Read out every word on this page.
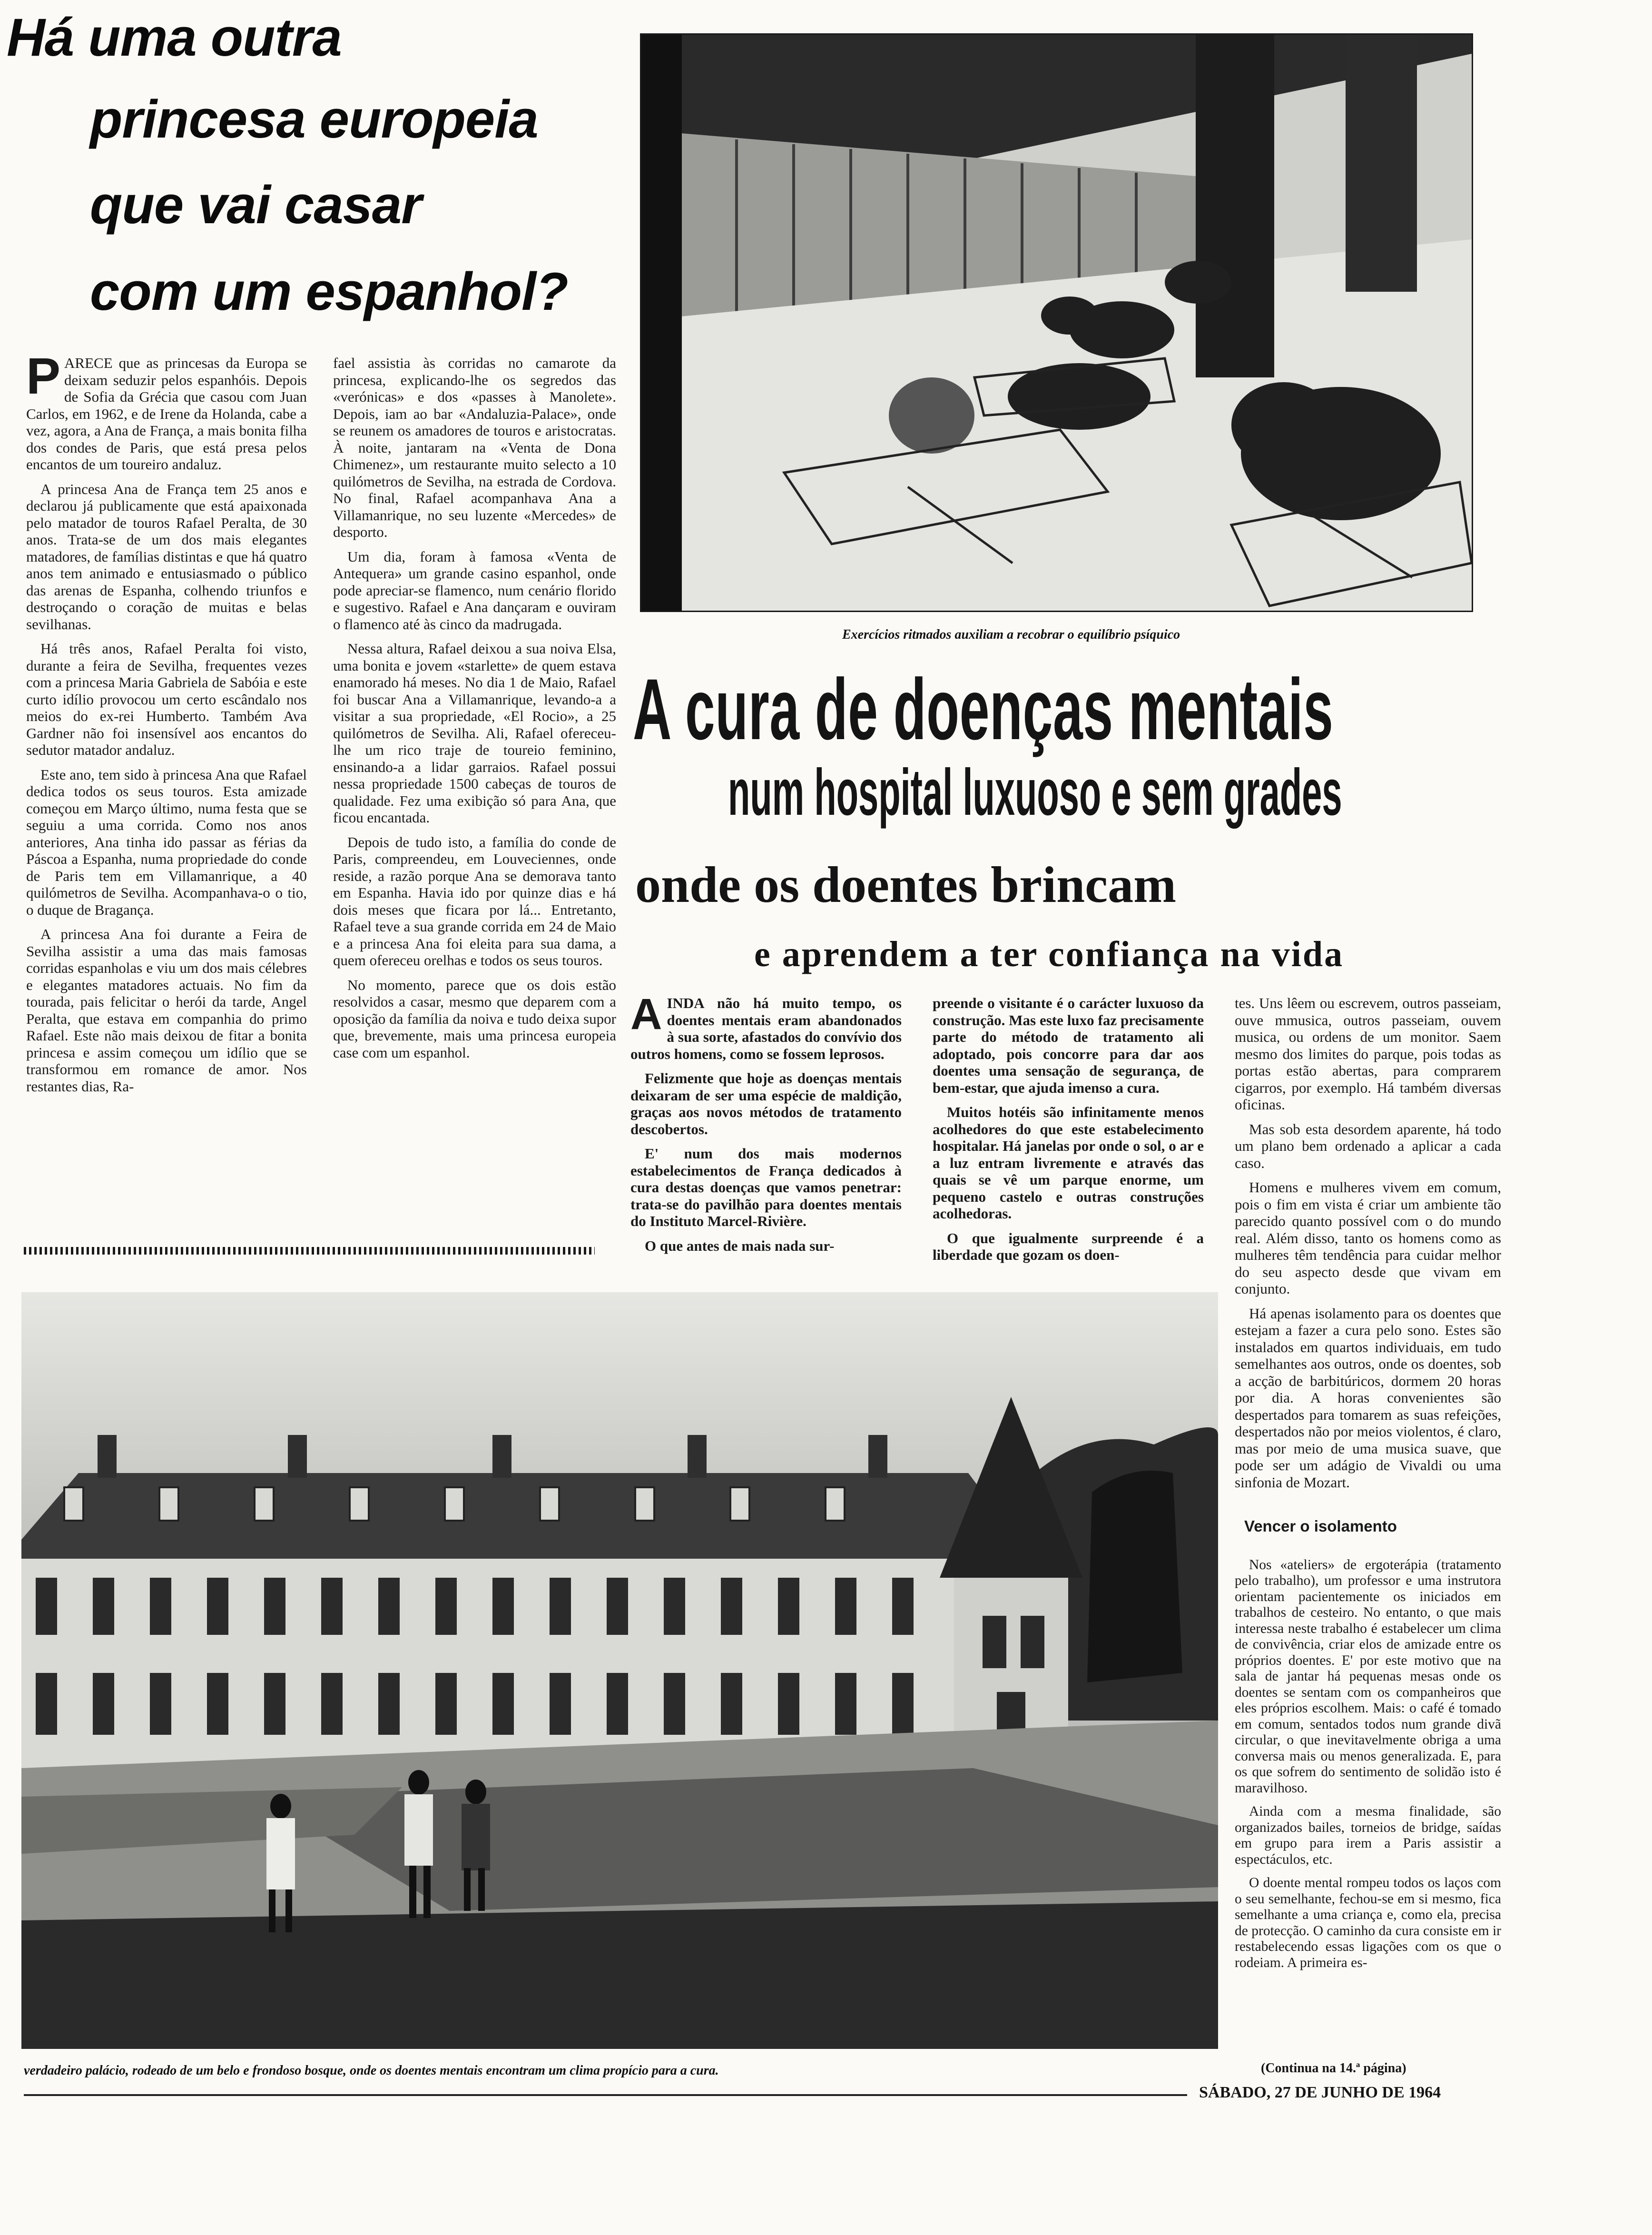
Há uma outra
princesa europeia
que vai casar
com um espanhol?

PARECE que as princesas da Europa se deixam seduzir pelos espanhóis. Depois de Sofia da Grécia que casou com Juan Carlos, em 1962, e de Irene da Holanda, cabe a vez, agora, a Ana de França, a mais bonita filha dos condes de Paris, que está presa pelos encantos de um toureiro andaluz.

A princesa Ana de França tem 25 anos e declarou já publicamente que está apaixonada pelo matador de touros Rafael Peralta, de 30 anos. Trata-se de um dos mais elegantes matadores, de famílias distintas e que há quatro anos tem animado e entusiasmado o público das arenas de Espanha, colhendo triunfos e destroçando o coração de muitas e belas sevilhanas.

Há três anos, Rafael Peralta foi visto, durante a feira de Sevilha, frequentes vezes com a princesa Maria Gabriela de Sabóia e este curto idílio provocou um certo escândalo nos meios do ex-rei Humberto. Também Ava Gardner não foi insensível aos encantos do sedutor matador andaluz.

Este ano, tem sido à princesa Ana que Rafael dedica todos os seus touros. Esta amizade começou em Março último, numa festa que se seguiu a uma corrida. Como nos anos anteriores, Ana tinha ido passar as férias da Páscoa a Espanha, numa propriedade do conde de Paris tem em Villamanrique, a 40 quilómetros de Sevilha. Acompanhava-o o tio, o duque de Bragança.

A princesa Ana foi durante a Feira de Sevilha assistir a uma das mais famosas corridas espanholas e viu um dos mais célebres e elegantes matadores actuais. No fim da tourada, pais felicitar o herói da tarde, Angel Peralta, que estava em companhia do primo Rafael. Este não mais deixou de fitar a bonita princesa e assim começou um idílio que se transformou em romance de amor. Nos restantes dias, Ra-

fael assistia às corridas no camarote da princesa, explicando-lhe os segredos das «verónicas» e dos «passes à Manolete». Depois, iam ao bar «Andaluzia-Palace», onde se reunem os amadores de touros e aristocratas. À noite, jantaram na «Venta de Dona Chimenez», um restaurante muito selecto a 10 quilómetros de Sevilha, na estrada de Cordova. No final, Rafael acompanhava Ana a Villamanrique, no seu luzente «Mercedes» de desporto.

Um dia, foram à famosa «Venta de Antequera» um grande casino espanhol, onde pode apreciar-se flamenco, num cenário florido e sugestivo. Rafael e Ana dançaram e ouviram o flamenco até às cinco da madrugada.

Nessa altura, Rafael deixou a sua noiva Elsa, uma bonita e jovem «starlette» de quem estava enamorado há meses. No dia 1 de Maio, Rafael foi buscar Ana a Villamanrique, levando-a a visitar a sua propriedade, «El Rocio», a 25 quilómetros de Sevilha. Ali, Rafael ofereceu-lhe um rico traje de toureio feminino, ensinando-a a lidar garraios. Rafael possui nessa propriedade 1500 cabeças de touros de qualidade. Fez uma exibição só para Ana, que ficou encantada.

Depois de tudo isto, a família do conde de Paris, compreendeu, em Louveciennes, onde reside, a razão porque Ana se demorava tanto em Espanha. Havia ido por quinze dias e há dois meses que ficara por lá... Entretanto, Rafael teve a sua grande corrida em 24 de Maio e a princesa Ana foi eleita para sua dama, a quem ofereceu orelhas e todos os seus touros.

No momento, parece que os dois estão resolvidos a casar, mesmo que deparem com a oposição da família da noiva e tudo deixa supor que, brevemente, mais uma princesa europeia case com um espanhol.

Exercícios ritmados auxiliam a recobrar o equilíbrio psíquico
A cura de doenças mentais
num hospital luxuoso e sem grades
onde os doentes brincam
e aprendem a ter confiança na vida

AINDA não há muito tempo, os doentes mentais eram abandonados à sua sorte, afastados do convívio dos outros homens, como se fossem leprosos.

Felizmente que hoje as doenças mentais deixaram de ser uma espécie de maldição, graças aos novos métodos de tratamento descobertos.

E' num dos mais modernos estabelecimentos de França dedicados à cura destas doenças que vamos penetrar: trata-se do pavilhão para doentes mentais do Instituto Marcel-Rivière.

O que antes de mais nada sur-

preende o visitante é o carácter luxuoso da construção. Mas este luxo faz precisamente parte do método de tratamento ali adoptado, pois concorre para dar aos doentes uma sensação de segurança, de bem-estar, que ajuda imenso a cura.

Muitos hotéis são infinitamente menos acolhedores do que este estabelecimento hospitalar. Há janelas por onde o sol, o ar e a luz entram livremente e através das quais se vê um parque enorme, um pequeno castelo e outras construções acolhedoras.

O que igualmente surpreende é a liberdade que gozam os doen-

tes. Uns lêem ou escrevem, outros passeiam, ouve mmusica, outros passeiam, ouvem musica, ou ordens de um monitor. Saem mesmo dos limites do parque, pois todas as portas estão abertas, para comprarem cigarros, por exemplo. Há também diversas oficinas.

Mas sob esta desordem aparente, há todo um plano bem ordenado a aplicar a cada caso.

Homens e mulheres vivem em comum, pois o fim em vista é criar um ambiente tão parecido quanto possível com o do mundo real. Além disso, tanto os homens como as mulheres têm tendência para cuidar melhor do seu aspecto desde que vivam em conjunto.

Há apenas isolamento para os doentes que estejam a fazer a cura pelo sono. Estes são instalados em quartos individuais, em tudo semelhantes aos outros, onde os doentes, sob a acção de barbitúricos, dormem 20 horas por dia. A horas convenientes são despertados para tomarem as suas refeições, despertados não por meios violentos, é claro, mas por meio de uma musica suave, que pode ser um adágio de Vivaldi ou uma sinfonia de Mozart.

Vencer o isolamento

Nos «ateliers» de ergoterápia (tratamento pelo trabalho), um professor e uma instrutora orientam pacientemente os iniciados em trabalhos de cesteiro. No entanto, o que mais interessa neste trabalho é estabelecer um clima de convivência, criar elos de amizade entre os próprios doentes. E' por este motivo que na sala de jantar há pequenas mesas onde os doentes se sentam com os companheiros que eles próprios escolhem. Mais: o café é tomado em comum, sentados todos num grande divã circular, o que inevitavelmente obriga a uma conversa mais ou menos generalizada. E, para os que sofrem do sentimento de solidão isto é maravilhoso.

Ainda com a mesma finalidade, são organizados bailes, torneios de bridge, saídas em grupo para irem a Paris assistir a espectáculos, etc.

O doente mental rompeu todos os laços com o seu semelhante, fechou-se em si mesmo, fica semelhante a uma criança e, como ela, precisa de protecção. O caminho da cura consiste em ir restabelecendo essas ligações com os que o rodeiam. A primeira es-

(Continua na 14.ª página)
verdadeiro palácio, rodeado de um belo e frondoso bosque, onde os doentes mentais encontram um clima propício para a cura.
SÁBADO, 27 DE JUNHO DE 1964
